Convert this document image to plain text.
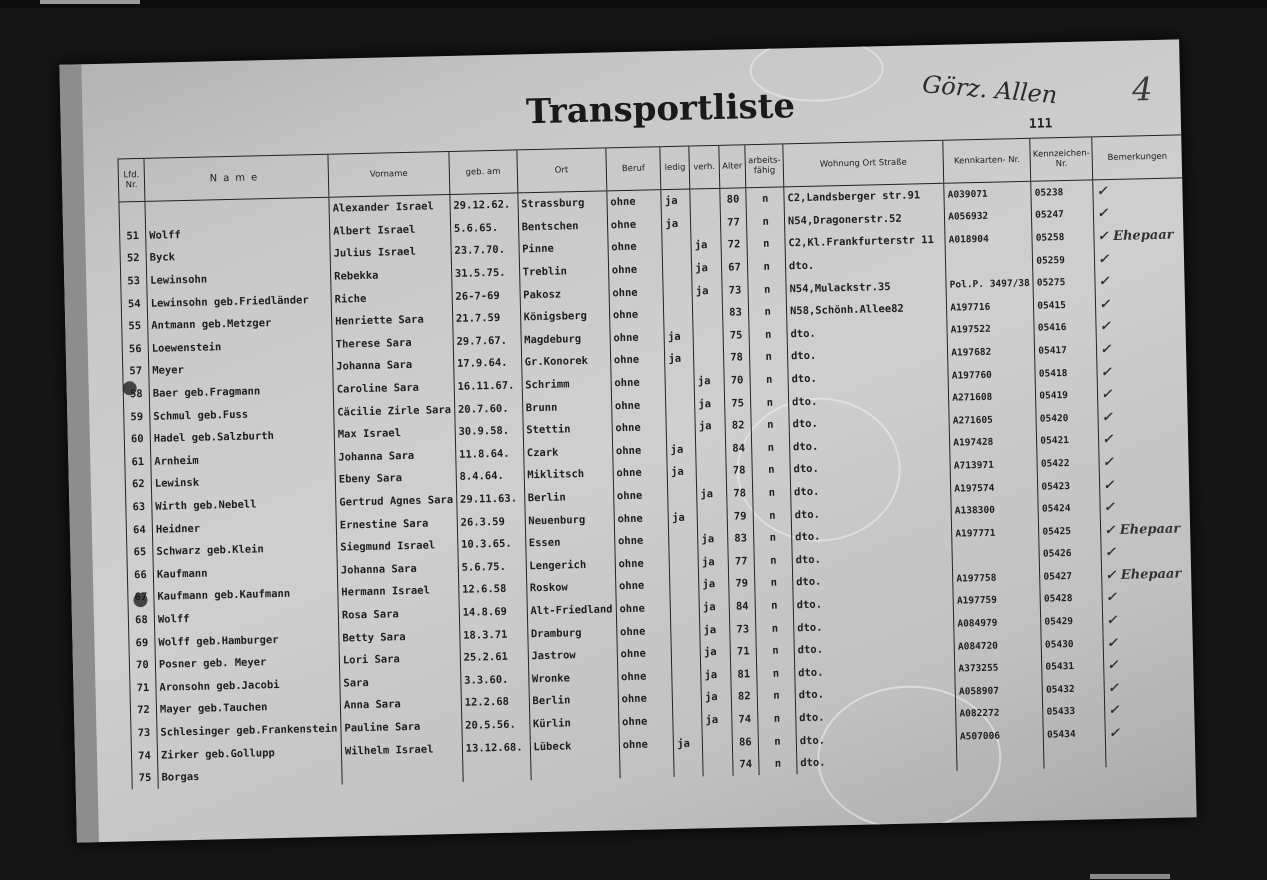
Transportliste	Görz. Allen 4
111
Lfd. Nr.	Name	Vorname	geb. am	Ort	Beruf	ledig	verh.	Alter	arbeits- fähig	Wohnung Ort Straße	Kennkarten- Nr.	Kennzeichen- Nr.	Bemerkungen
		Alexander Israel	29.12.62.	Strassburg	ohne	ja		80	n	C2,Landsberger str.91	A039071	05238	✓
51	Wolff	Albert Israel	5.6.65.	Bentschen	ohne	ja		77	n	N54,Dragonerstr.52	A056932	05247	✓
52	Byck	Julius Israel	23.7.70.	Pinne	ohne		ja	72	n	C2,Kl.Frankfurterstr 11	A018904	05258	✓ Ehepaar
53	Lewinsohn	Rebekka	31.5.75.	Treblin	ohne		ja	67	n	dto.		05259	✓
54	Lewinsohn geb.Friedländer	Riche	26-7-69	Pakosz	ohne		ja	73	n	N54,Mulackstr.35	Pol.P. 3497/38	05275	✓
55	Antmann geb.Metzger	Henriette Sara	21.7.59	Königsberg	ohne			83	n	N58,Schönh.Allee82	A197716	05415	✓
56	Loewenstein	Therese Sara	29.7.67.	Magdeburg	ohne	ja		75	n	dto.	A197522	05416	✓
57	Meyer	Johanna Sara	17.9.64.	Gr.Konorek	ohne	ja		78	n	dto.	A197682	05417	✓
58	Baer geb.Fragmann	Caroline Sara	16.11.67.	Schrimm	ohne		ja	70	n	dto.	A197760	05418	✓
59	Schmul geb.Fuss	Cäcilie Zirle Sara	20.7.60.	Brunn	ohne		ja	75	n	dto.	A271608	05419	✓
60	Hadel geb.Salzburth	Max Israel	30.9.58.	Stettin	ohne		ja	82	n	dto.	A271605	05420	✓
61	Arnheim	Johanna Sara	11.8.64.	Czark	ohne	ja		84	n	dto.	A197428	05421	✓
62	Lewinsk	Ebeny Sara	8.4.64.	Miklitsch	ohne	ja		78	n	dto.	A713971	05422	✓
63	Wirth geb.Nebell	Gertrud Agnes Sara	29.11.63.	Berlin	ohne		ja	78	n	dto.	A197574	05423	✓
64	Heidner	Ernestine Sara	26.3.59	Neuenburg	ohne	ja		79	n	dto.	A138300	05424	✓
65	Schwarz geb.Klein	Siegmund Israel	10.3.65.	Essen	ohne		ja	83	n	dto.	A197771	05425	✓ Ehepaar
66	Kaufmann	Johanna Sara	5.6.75.	Lengerich	ohne		ja	77	n	dto.		05426	✓
67	Kaufmann geb.Kaufmann	Hermann Israel	12.6.58	Roskow	ohne		ja	79	n	dto.	A197758	05427	✓ Ehepaar
68	Wolff	Rosa Sara	14.8.69	Alt-Friedland	ohne		ja	84	n	dto.	A197759	05428	✓
69	Wolff geb.Hamburger	Betty Sara	18.3.71	Dramburg	ohne		ja	73	n	dto.	A084979	05429	✓
70	Posner geb. Meyer	Lori Sara	25.2.61	Jastrow	ohne		ja	71	n	dto.	A084720	05430	✓
71	Aronsohn geb.Jacobi	Sara	3.3.60.	Wronke	ohne		ja	81	n	dto.	A373255	05431	✓
72	Mayer geb.Tauchen	Anna Sara	12.2.68	Berlin	ohne		ja	82	n	dto.	A058907	05432	✓
73	Schlesinger geb.Frankenstein	Pauline Sara	20.5.56.	Kürlin	ohne		ja	74	n	dto.	A082272	05433	✓
74	Zirker geb.Gollupp	Wilhelm Israel	13.12.68.	Lübeck	ohne	ja		86	n	dto.	A507006	05434	✓
75	Borgas							74	n	dto.			
